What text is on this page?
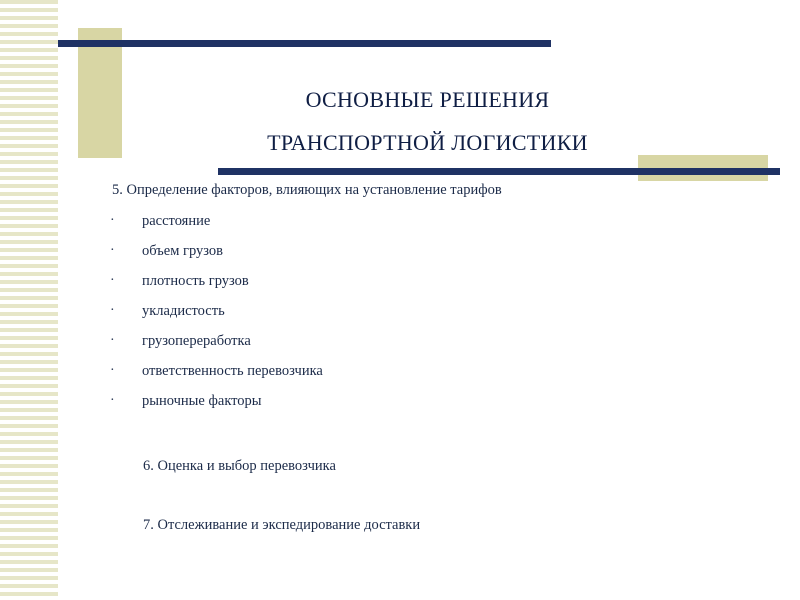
ОСНОВНЫЕ РЕШЕНИЯ
ТРАНСПОРТНОЙ ЛОГИСТИКИ
5. Определение факторов, влияющих на установление тарифов
· расстояние
· объем грузов
· плотность грузов
· укладистость
· грузопереработка
· ответственность перевозчика
· рыночные факторы
6. Оценка и выбор перевозчика
7. Отслеживание и экспедирование доставки
